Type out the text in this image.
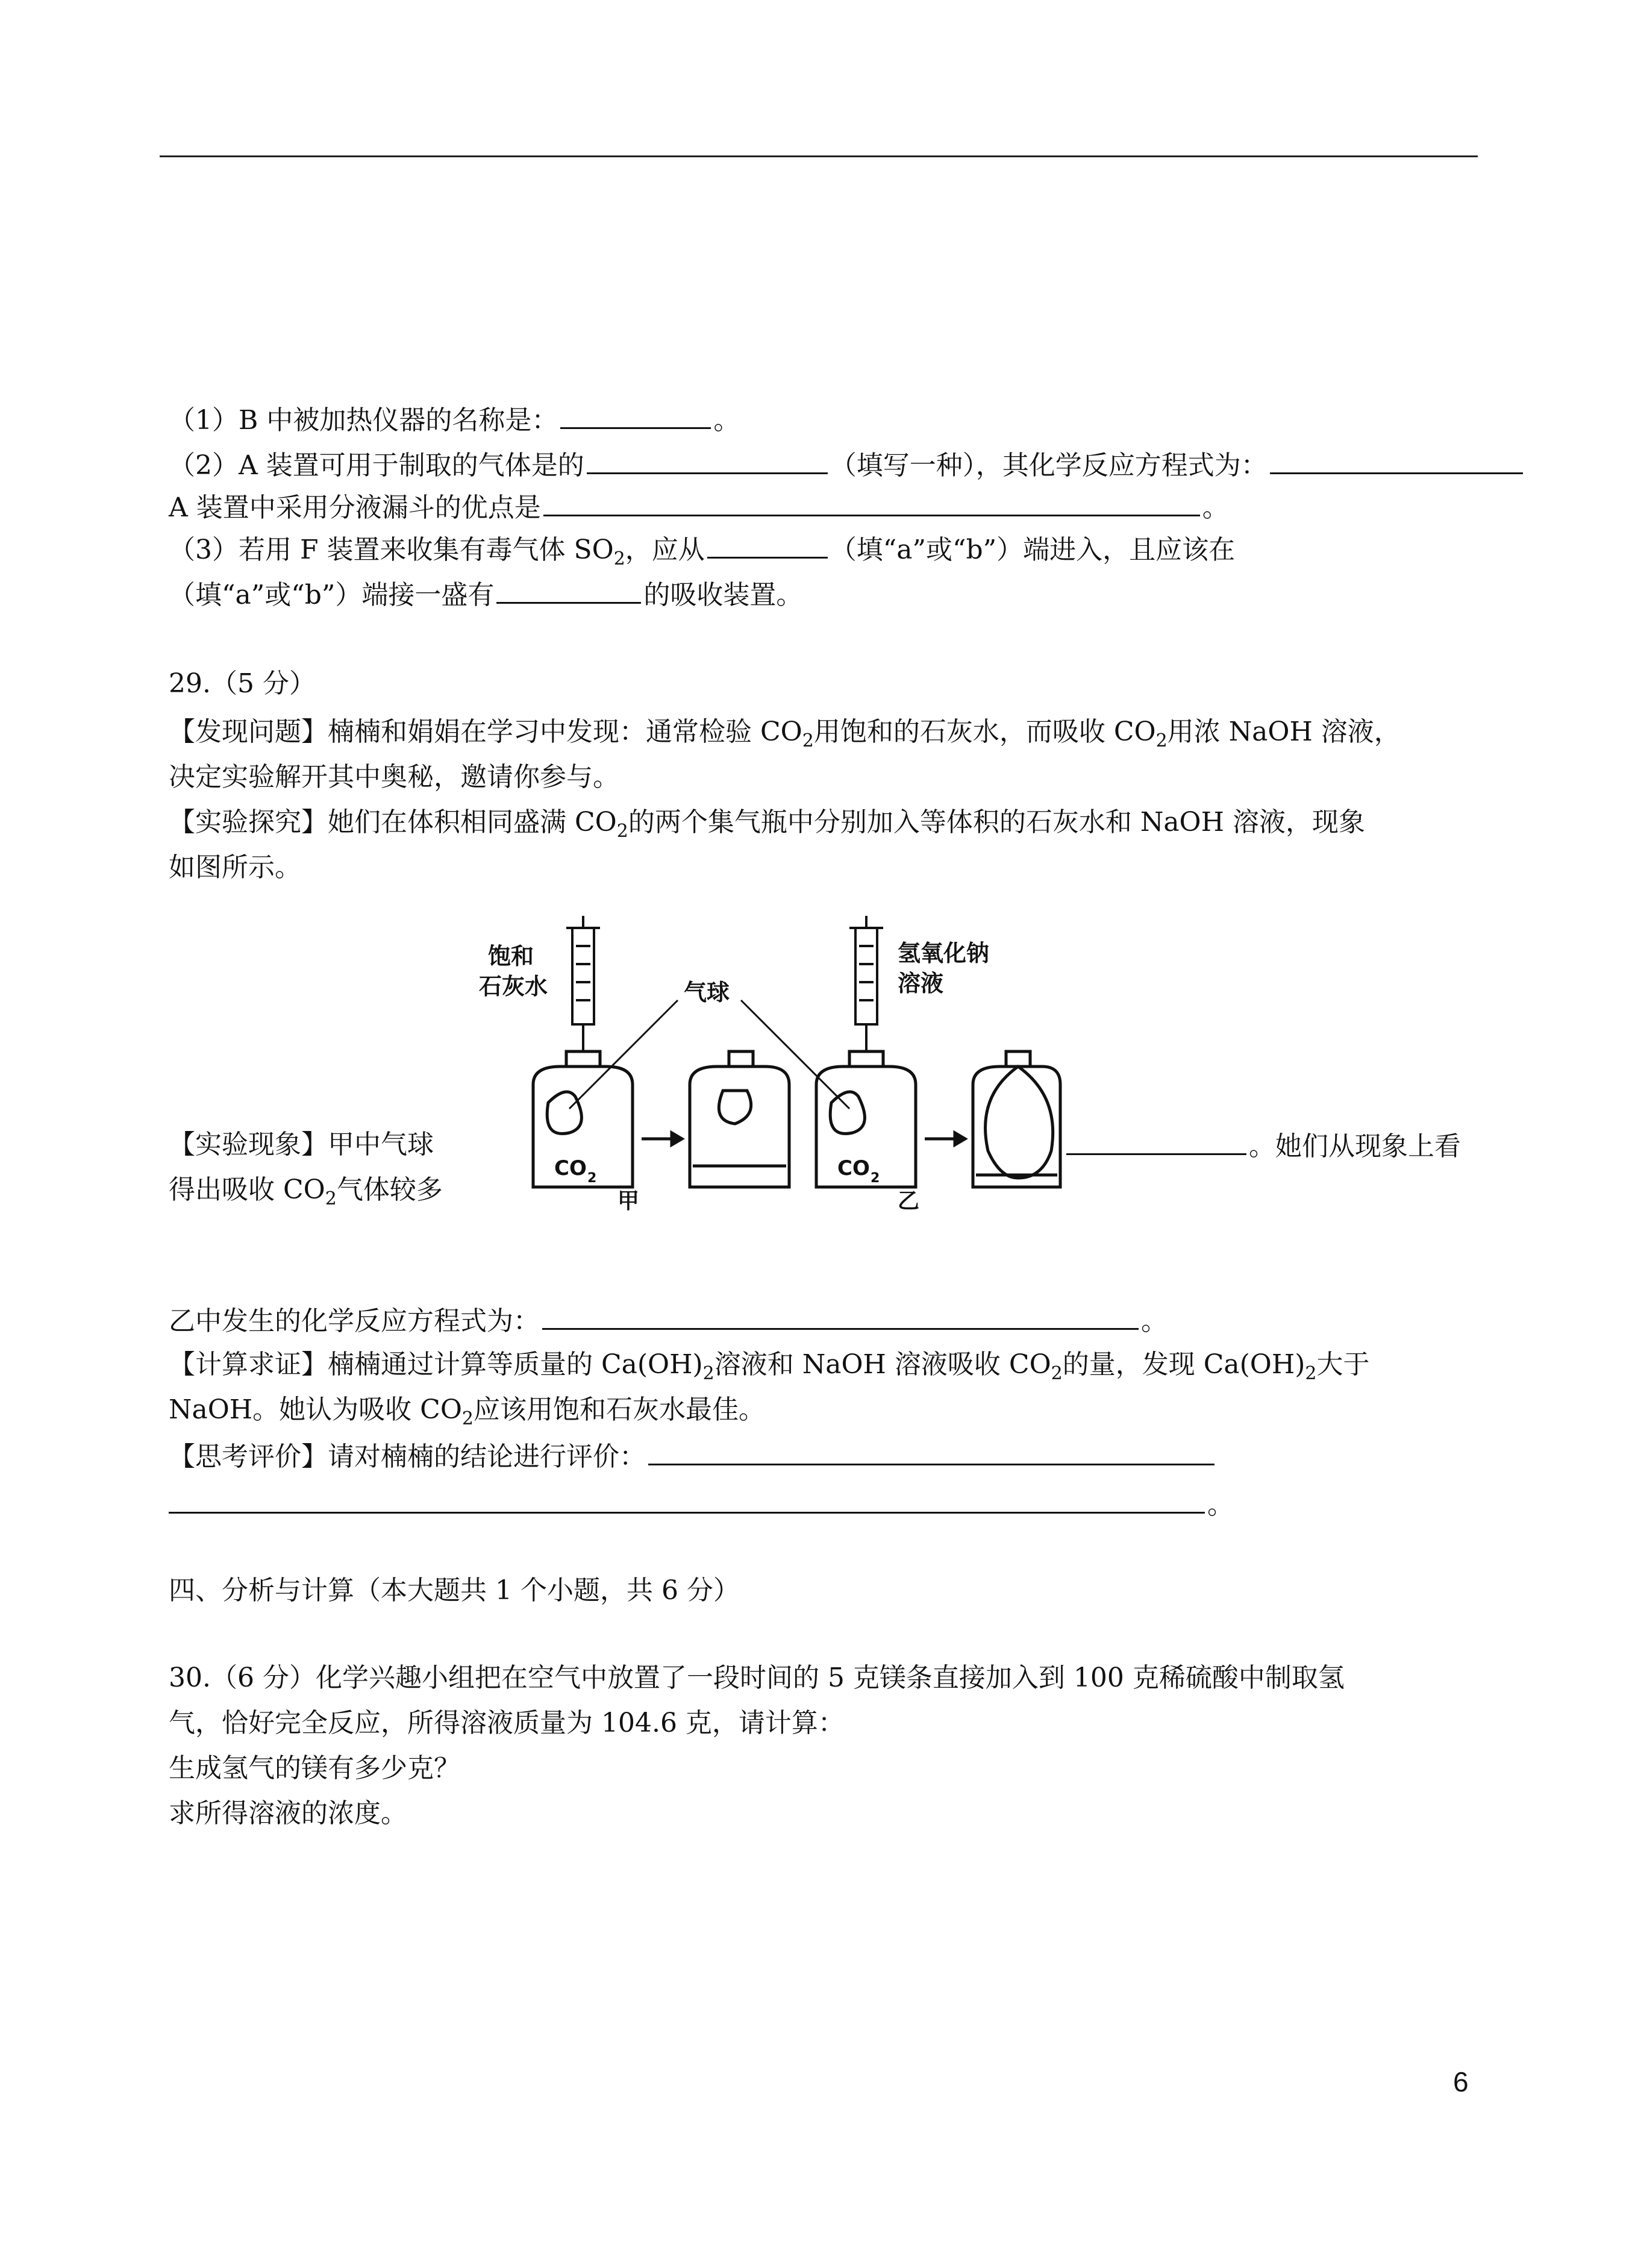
（1）B 中被加热仪器的名称是：	。
（2）A 装置可用于制取的气体是的	（填写一种），其化学反应方程式为：
A 装置中采用分液漏斗的优点是	。
（3）若用 F 装置来收集有毒气体 $SO_2$，应从	（填“a”或“b”）端进入，且应该在
（填“a”或“b”）端接一盛有	的吸收装置。
29.（5 分）
【发现问题】楠楠和娟娟在学习中发现：通常检验 $CO_2$用饱和的石灰水，而吸收 $CO_2$用浓 NaOH 溶液，
决定实验解开其中奥秘，邀请你参与。
【实验探究】她们在体积相同盛满 $CO_2$的两个集气瓶中分别加入等体积的石灰水和 NaOH 溶液，现象
如图所示。
【实验现象】甲中气球	。她们从现象上看
得出吸收 $CO_2$气体较多
饱和
石灰水
氢氧化钠
溶液
气球
CO 2	CO 2
甲	乙
乙中发生的化学反应方程式为：	。
【计算求证】楠楠通过计算等质量的 $Ca(OH)_2$溶液和 NaOH 溶液吸收 $CO_2$的量，发现 $Ca(OH)_2$大于
NaOH。她认为吸收 $CO_2$应该用饱和石灰水最佳。
【思考评价】请对楠楠的结论进行评价：
。
四、分析与计算（本大题共 1 个小题，共 6 分）
30.（6 分）化学兴趣小组把在空气中放置了一段时间的 5 克镁条直接加入到 100 克稀硫酸中制取氢
气，恰好完全反应，所得溶液质量为 104.6 克，请计算：
生成氢气的镁有多少克？
求所得溶液的浓度。
6
